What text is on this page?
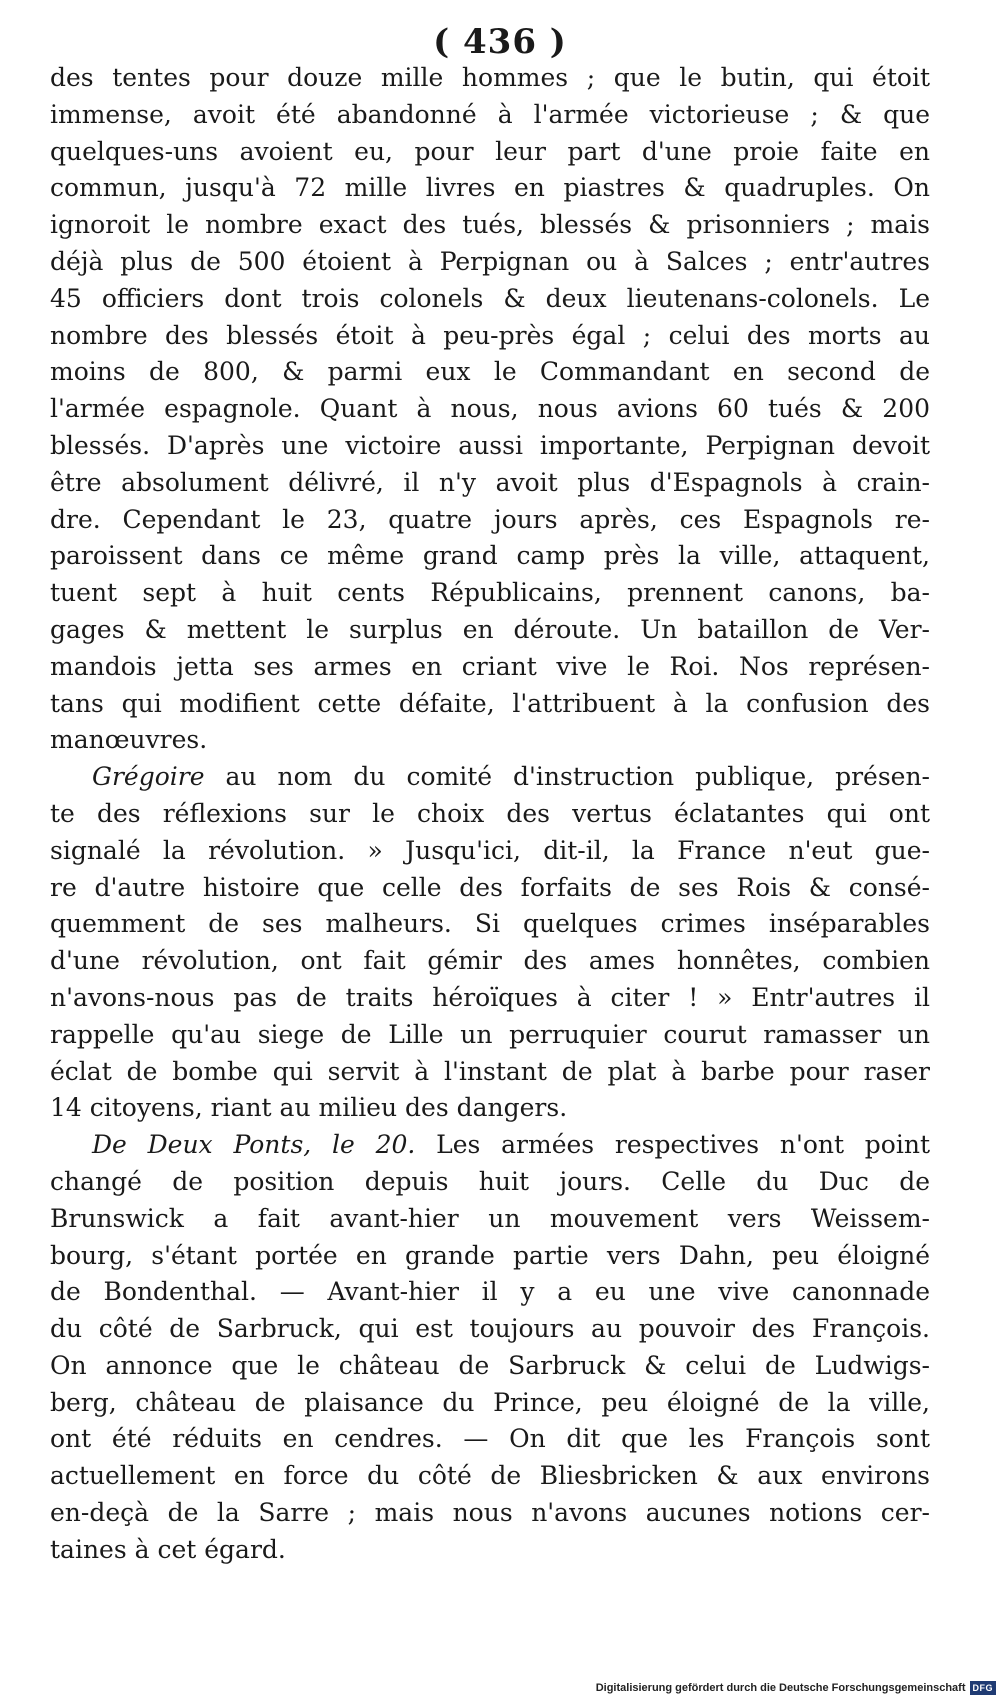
( 436 )
des tentes pour douze mille hommes ; que le butin, qui étoit
immense, avoit été abandonné à l'armée victorieuse ; & que
quelques-uns avoient eu, pour leur part d'une proie faite en
commun, jusqu'à 72 mille livres en piastres & quadruples. On
ignoroit le nombre exact des tués, blessés & prisonniers ; mais
déjà plus de 500 étoient à Perpignan ou à Salces ; entr'autres
45 officiers dont trois colonels & deux lieutenans-colonels. Le
nombre des blessés étoit à peu-près égal ; celui des morts au
moins de 800, & parmi eux le Commandant en second de
l'armée espagnole. Quant à nous, nous avions 60 tués & 200
blessés. D'après une victoire aussi importante, Perpignan devoit
être absolument délivré, il n'y avoit plus d'Espagnols à crain-
dre. Cependant le 23, quatre jours après, ces Espagnols re-
paroissent dans ce même grand camp près la ville, attaquent,
tuent sept à huit cents Républicains, prennent canons, ba-
gages & mettent le surplus en déroute. Un bataillon de Ver-
mandois jetta ses armes en criant vive le Roi. Nos représen-
tans qui modifient cette défaite, l'attribuent à la confusion des
manœuvres.
Grégoire au nom du comité d'instruction publique, présen-
te des réflexions sur le choix des vertus éclatantes qui ont
signalé la révolution. » Jusqu'ici, dit-il, la France n'eut gue-
re d'autre histoire que celle des forfaits de ses Rois & consé-
quemment de ses malheurs. Si quelques crimes inséparables
d'une révolution, ont fait gémir des ames honnêtes, combien
n'avons-nous pas de traits héroïques à citer ! » Entr'autres il
rappelle qu'au siege de Lille un perruquier courut ramasser un
éclat de bombe qui servit à l'instant de plat à barbe pour raser
14 citoyens, riant au milieu des dangers.
De Deux Ponts, le 20. Les armées respectives n'ont point
changé de position depuis huit jours. Celle du Duc de
Brunswick a fait avant-hier un mouvement vers Weissem-
bourg, s'étant portée en grande partie vers Dahn, peu éloigné
de Bondenthal. — Avant-hier il y a eu une vive canonnade
du côté de Sarbruck, qui est toujours au pouvoir des François.
On annonce que le château de Sarbruck & celui de Ludwigs-
berg, château de plaisance du Prince, peu éloigné de la ville,
ont été réduits en cendres. — On dit que les François sont
actuellement en force du côté de Bliesbricken & aux environs
en-deçà de la Sarre ; mais nous n'avons aucunes notions cer-
taines à cet égard.
Digitalisierung gefördert durch die Deutsche Forschungsgemeinschaft DFG
